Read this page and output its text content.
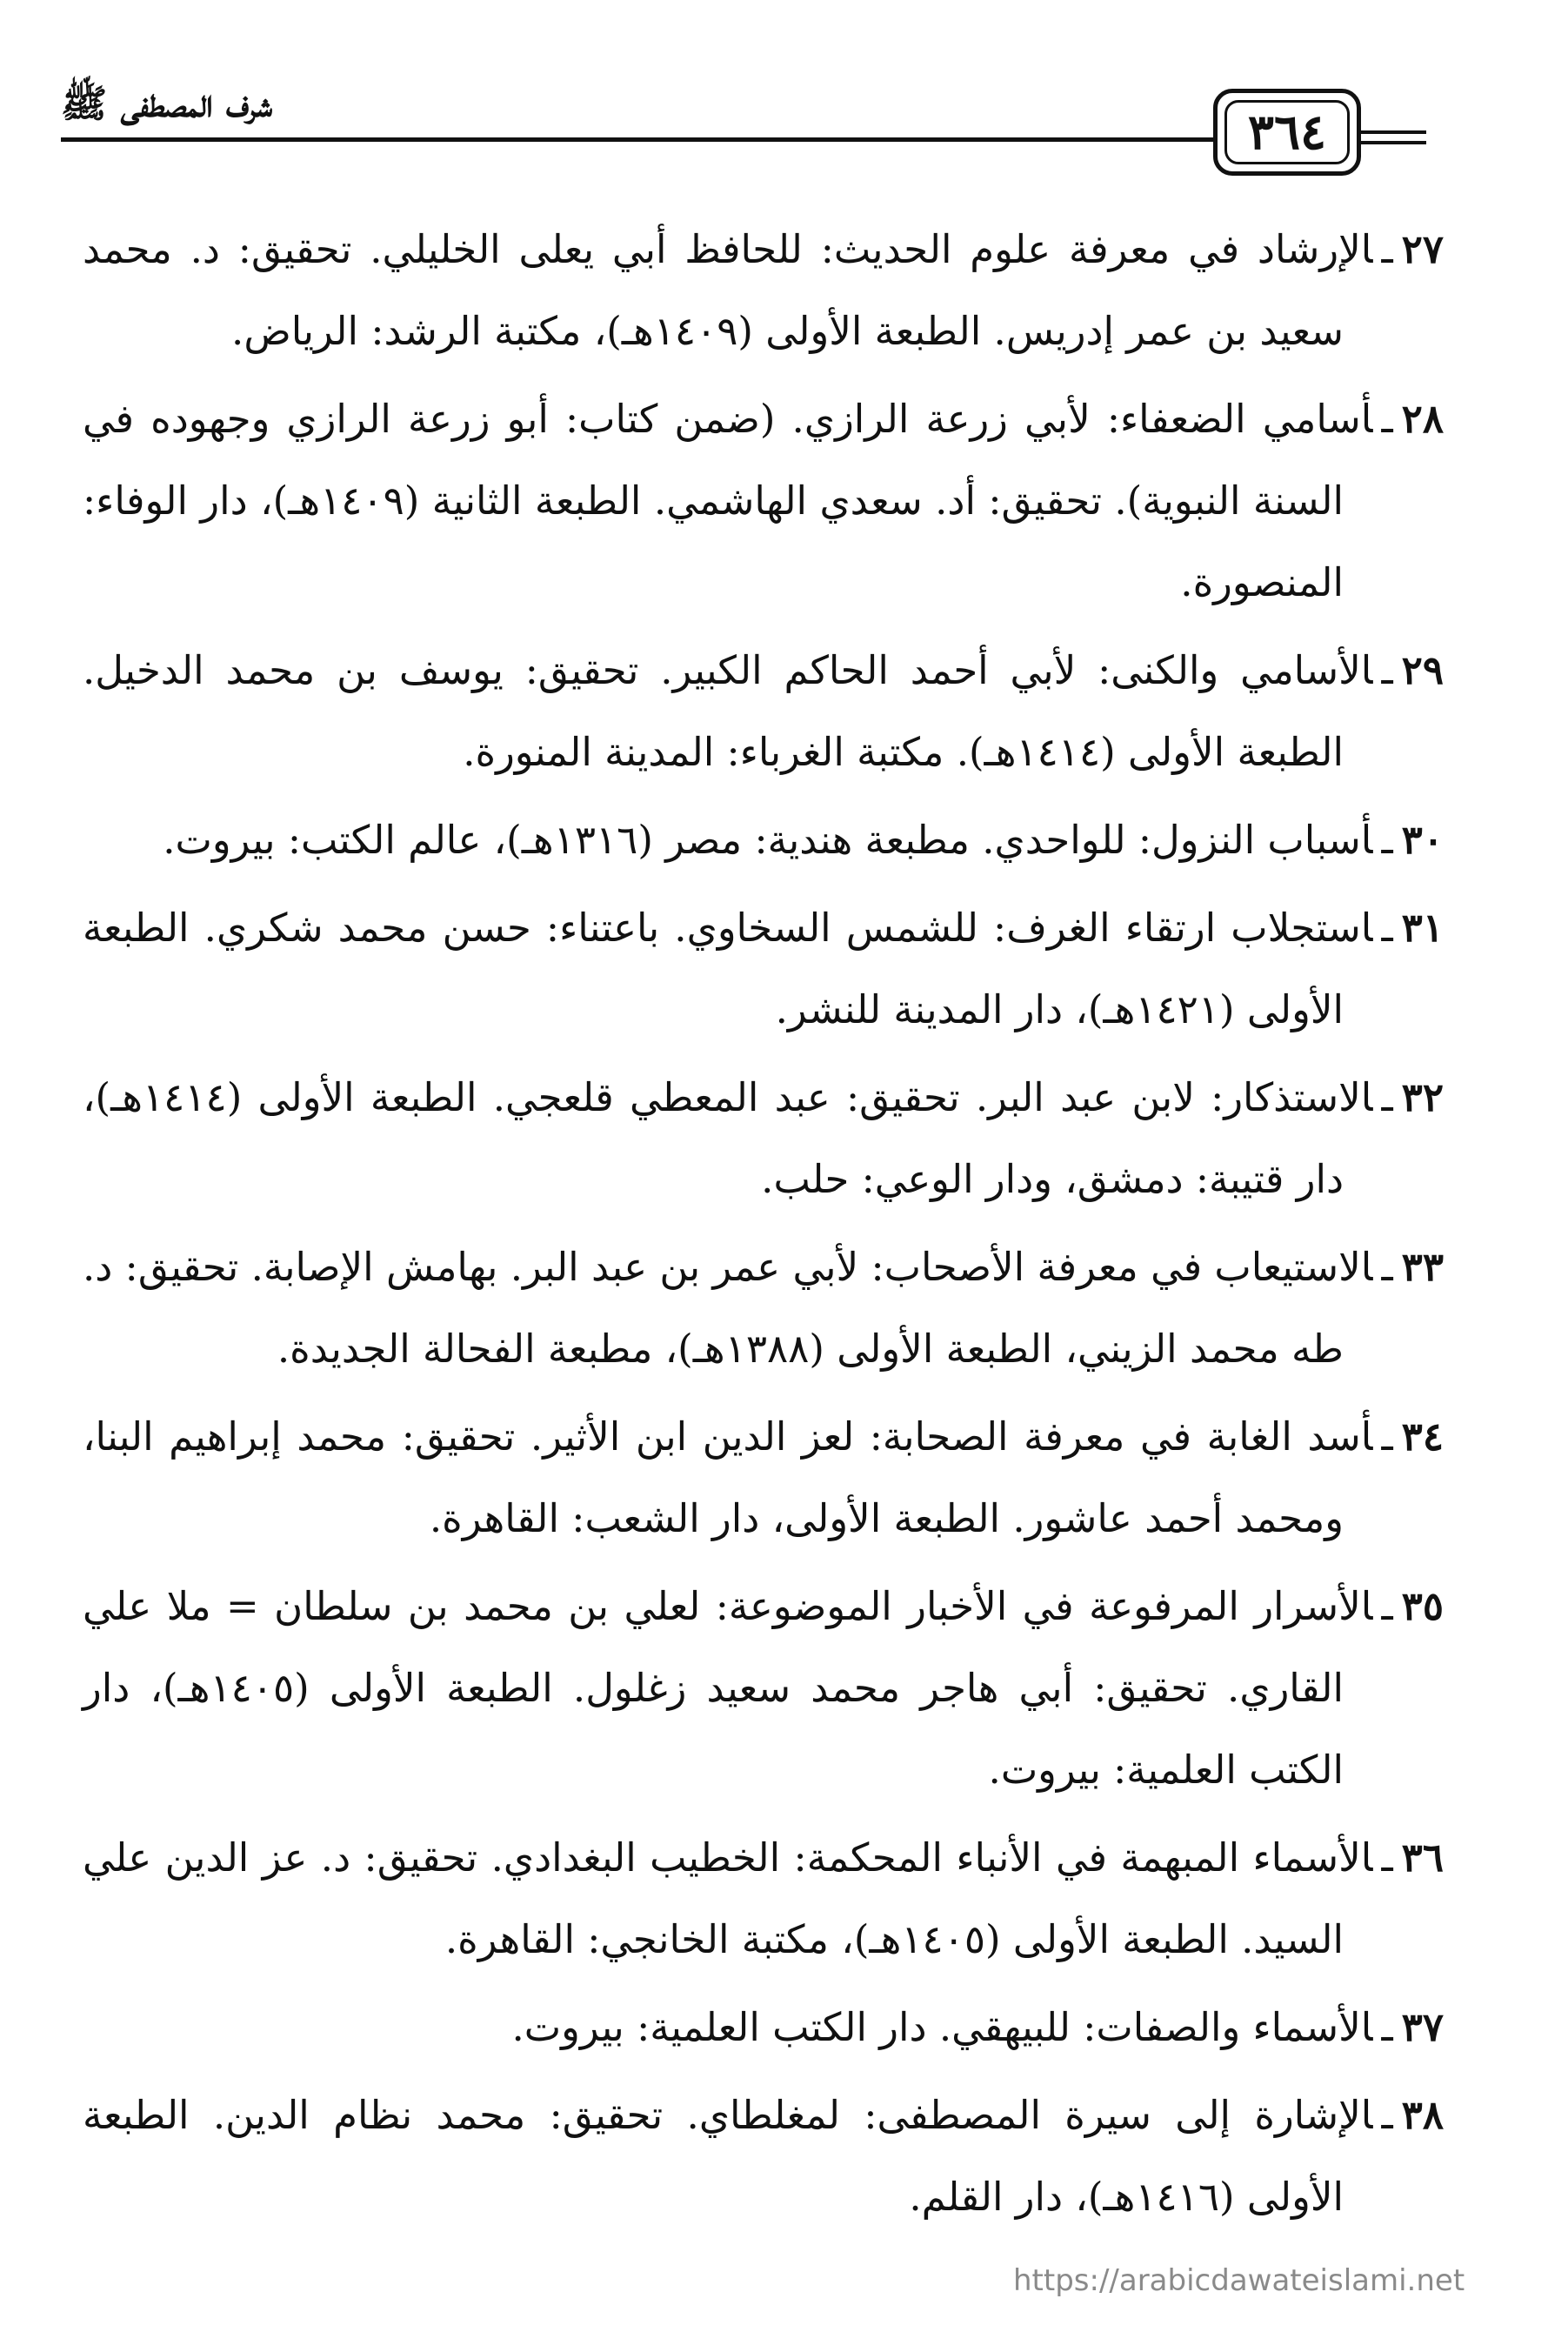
شرف المصطفى ﷺ	٣٦٤

٢٧ـالإرشاد في معرفة علوم الحديث: للحافظ أبي يعلى الخليلي. تحقيق: د. محمد سعيد بن عمر إدريس. الطبعة الأولى (١٤٠٩هـ)، مكتبة الرشد: الرياض.

٢٨ـأسامي الضعفاء: لأبي زرعة الرازي. (ضمن كتاب: أبو زرعة الرازي وجهوده في السنة النبوية). تحقيق: أد. سعدي الهاشمي. الطبعة الثانية (١٤٠٩هـ)، دار الوفاء: المنصورة.

٢٩ـالأسامي والكنى: لأبي أحمد الحاكم الكبير. تحقيق: يوسف بن محمد الدخيل. الطبعة الأولى (١٤١٤هـ). مكتبة الغرباء: المدينة المنورة.

٣٠ـأسباب النزول: للواحدي. مطبعة هندية: مصر (١٣١٦هـ)، عالم الكتب: بيروت.

٣١ـاستجلاب ارتقاء الغرف: للشمس السخاوي. باعتناء: حسن محمد شكري. الطبعة الأولى (١٤٢١هـ)، دار المدينة للنشر.

٣٢ـالاستذكار: لابن عبد البر. تحقيق: عبد المعطي قلعجي. الطبعة الأولى (١٤١٤هـ)، دار قتيبة: دمشق، ودار الوعي: حلب.

٣٣ـالاستيعاب في معرفة الأصحاب: لأبي عمر بن عبد البر. بهامش الإصابة. تحقيق: د. طه محمد الزيني، الطبعة الأولى (١٣٨٨هـ)، مطبعة الفحالة الجديدة.

٣٤ـأسد الغابة في معرفة الصحابة: لعز الدين ابن الأثير. تحقيق: محمد إبراهيم البنا، ومحمد أحمد عاشور. الطبعة الأولى، دار الشعب: القاهرة.

٣٥ـالأسرار المرفوعة في الأخبار الموضوعة: لعلي بن محمد بن سلطان = ملا علي القاري. تحقيق: أبي هاجر محمد سعيد زغلول. الطبعة الأولى (١٤٠٥هـ)، دار الكتب العلمية: بيروت.

٣٦ـالأسماء المبهمة في الأنباء المحكمة: الخطيب البغدادي. تحقيق: د. عز الدين علي السيد. الطبعة الأولى (١٤٠٥هـ)، مكتبة الخانجي: القاهرة.

٣٧ـالأسماء والصفات: للبيهقي. دار الكتب العلمية: بيروت.

٣٨ـالإشارة إلى سيرة المصطفى: لمغلطاي. تحقيق: محمد نظام الدين. الطبعة الأولى (١٤١٦هـ)، دار القلم.

https://arabicdawateislami.net
